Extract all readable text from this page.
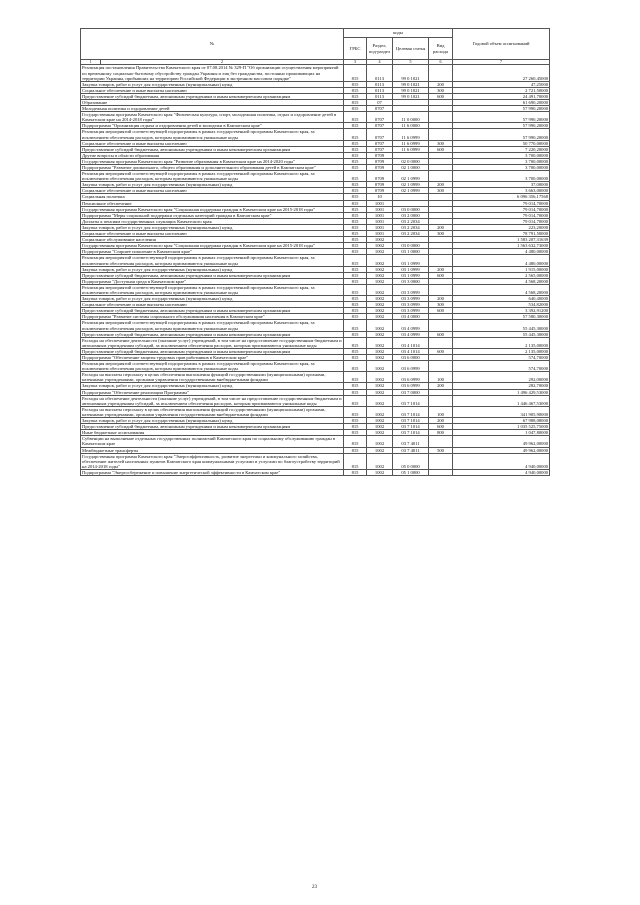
№		коды				Годовой объем ассигнований
		ГРБС	Раздел, под-раздел	Целевая статья	Вид расхода	
1	2	3	4	5	6	7
Реализация постановления Правительства Камчатского края от 07.08.2014 № 329-П "Об организации осуществления мероприятий по временному социально-бытовому обустройству граждан Украины и лиц без гражданства, постоянно проживающих на территории Украины, прибывших на территорию Российской Федерации в экстренном массовом порядке"		815	0113	99 0 1021		27 260,45000
Закупка товаров, работ и услуг для государственных (муниципальных) нужд		815	0113	99 0 1021	200	47,25000
Социальное обеспечение и иные выплаты населению		815	0113	99 0 1021	300	2 721,50000
Предоставление субсидий бюджетным, автономным учреждениям и иным некоммерческим организациям		815	0113	99 0 1021	600	24 491,70000
Образование		815	07			61 690,20000
Молодежная политика и оздоровление детей		815	0707			57 990,20000
Государственная программа Камчатского края "Физическая культура, спорт, молодежная политика, отдых и оздоровление детей в Камчатском крае на 2014-2018 годы"		815	0707	11 0 0000		57 990,20000
Подпрограмма "Организация отдыха и оздоровления детей и молодежи в Камчатском крае"		815	0707	11 6 0000		57 990,20000
Реализация мероприятий соответствующей подпрограммы в рамках государственной программы Камчатского края, за исключением обеспечения расходов, которым присваиваются уникальные коды		815	0707	11 6 0999		57 990,20000
Социальное обеспечение и иные выплаты населению		815	0707	11 6 0999	300	50 770,00000
Предоставление субсидий бюджетным, автономным учреждениям и иным некоммерческим организациям		815	0707	11 6 0999	600	7 220,20000
Другие вопросы в области образования		815	0709			3 700,00000
Государственная программа Камчатского края "Развитие образования в Камчатском крае на 2014-2020 годы"		815	0709	02 0 0000		3 700,00000
Подпрограмма "Развитие дошкольного, общего образования и дополнительного образования детей в Камчатском крае"		815	0709	02 1 0000		3 700,00000
Реализация мероприятий соответствующей подпрограммы в рамках государственной программы Камчатского края, за исключением обеспечения расходов, которым присваиваются уникальные коды		815	0709	02 1 0999		3 700,00000
Закупка товаров, работ и услуг для государственных (муниципальных) нужд		815	0709	02 1 0999	200	37,00000
Социальное обеспечение и иные выплаты населению		815	0709	02 1 0999	300	3 663,00000
Социальная политика		815	10			6 096 356,17568
Пенсионное обеспечение		815	1001			79 014,70000
Государственная программа Камчатского края "Социальная поддержка граждан в Камчатском крае на 2015-2018 годы"		815	1001	03 0 0000		79 014,70000
Подпрограмма "Меры социальной поддержки отдельных категорий граждан в Камчатском крае"		815	1001	03 2 0000		79 014,70000
Доплаты к пенсиям государственных служащих Камчатского края		815	1001	03 2 2034		79 014,70000
Закупка товаров, работ и услуг для государственных (муниципальных) нужд		815	1001	03 2 2034	200	223,20000
Социальное обеспечение и иные выплаты населению		815	1001	03 2 2034	300	78 791,50000
Социальное обслуживание населения		815	1002			1 583 207,31639
Государственная программа Камчатского края "Социальная поддержка граждан в Камчатском крае на 2015-2018 годы"		815	1002	03 0 0000		1 563 632,73000
Подпрограмма "Старшее поколение в Камчатском крае"		815	1002	03 1 0000		4 480,00000
Реализация мероприятий соответствующей подпрограммы в рамках государственной программы Камчатского края, за исключением обеспечения расходов, которым присваиваются уникальные коды		815	1002	03 1 0999		4 480,00000
Закупка товаров, работ и услуг для государственных (муниципальных) нужд		815	1002	03 1 0999	200	1 915,00000
Предоставление субсидий бюджетным, автономным учреждениям и иным некоммерческим организациям		815	1002	03 1 0999	600	2 565,00000
Подпрограмма "Доступная среда в Камчатском крае"		815	1002	03 3 0000		4 568,20000
Реализация мероприятий соответствующей подпрограммы в рамках государственной программы Камчатского края, за исключением обеспечения расходов, которым присваиваются уникальные коды		815	1002	03 3 0999		4 568,20000
Закупка товаров, работ и услуг для государственных (муниципальных) нужд		815	1002	03 3 0999	200	640,40000
Социальное обеспечение и иные выплаты населению		815	1002	03 3 0999	300	534,82000
Предоставление субсидий бюджетным, автономным учреждениям и иным некоммерческим организациям		815	1002	03 3 0999	600	3 392,91200
Подпрограмма "Развитие системы социального обслуживания населения в Камчатском крае"		815	1002	03 4 0000		57 580,30000
Реализация мероприятий соответствующей подпрограммы в рамках государственной программы Камчатского края, за исключением обеспечения расходов, которым присваиваются уникальные коды		815	1002	03 4 0999		55 445,30000
Предоставление субсидий бюджетным, автономным учреждениям и иным некоммерческим организациям		815	1002	03 4 0999	600	55 445,30000
Расходы на обеспечение деятельности (оказание услуг) учреждений, в том числе на предоставление государственным бюджетным и автономным учреждениям субсидий, за исключением обеспечения расходов, которым присваиваются уникальные коды		815	1002	03 4 1014		2 135,00000
Предоставление субсидий бюджетным, автономным учреждениям и иным некоммерческим организациям		815	1002	03 4 1014	600	2 135,00000
Подпрограмма "Обеспечение защиты трудовых прав работников в Камчатском крае"		815	1002	03 6 0000		574,70000
Реализация мероприятий соответствующей подпрограммы в рамках государственной программы Камчатского края, за исключением обеспечения расходов, которым присваиваются уникальные коды		815	1002	03 6 0999		574,70000
Расходы на выплаты персоналу в целях обеспечения выполнения функций государственными (муниципальными) органами, казенными учреждениями, органами управления государственными внебюджетными фондами		815	1002	03 6 0999	100	292,00000
Закупка товаров, работ и услуг для государственных (муниципальных) нужд		815	1002	03 6 0999	200	282,70000
Подпрограмма "Обеспечение реализации Программы"		815	1002	03 7 0000		1 496 429,53000
Расходы на обеспечение деятельности (оказание услуг) учреждений, в том числе на предоставление государственным бюджетным и автономным учреждениям субсидий, за исключением обеспечения расходов, которым присваиваются уникальные коды		815	1002	03 7 1014		1 446 467,53000
Расходы на выплаты персоналу в целях обеспечения выполнения функций государственными (муниципальными) органами, казенными учреждениями, органами управления государственными внебюджетными фондами		815	1002	03 7 1014	100	341 905,90000
Закупка товаров, работ и услуг для государственных (муниципальных) нужд		815	1002	03 7 1014	200	67 988,08000
Предоставление субсидий бюджетным, автономным учреждениям и иным некоммерческим организациям		815	1002	03 7 1014	600	1 035 525,75000
Иные бюджетные ассигнования		815	1002	03 7 1014	800	1 047,80000
Субвенции на выполнение отдельных государственных полномочий Камчатского края по социальному обслуживанию граждан в Камчатском крае		815	1002	03 7 4011		49 962,00000
Межбюджетные трансферты		815	1002	03 7 4011	500	49 962,00000
Государственная программа Камчатского края "Энергоэффективность, развитие энергетики и коммунального хозяйства, обеспечение жителей населенных пунктов Камчатского края коммунальными услугами и услугами по благоустройству территорий на 2014-2018 годы"		815	1002	05 0 0000		4 940,00000
Подпрограмма "Энергосбережение и повышение энергетической эффективности в Камчатском крае"		815	1002	05 1 0000		4 940,00000
23
